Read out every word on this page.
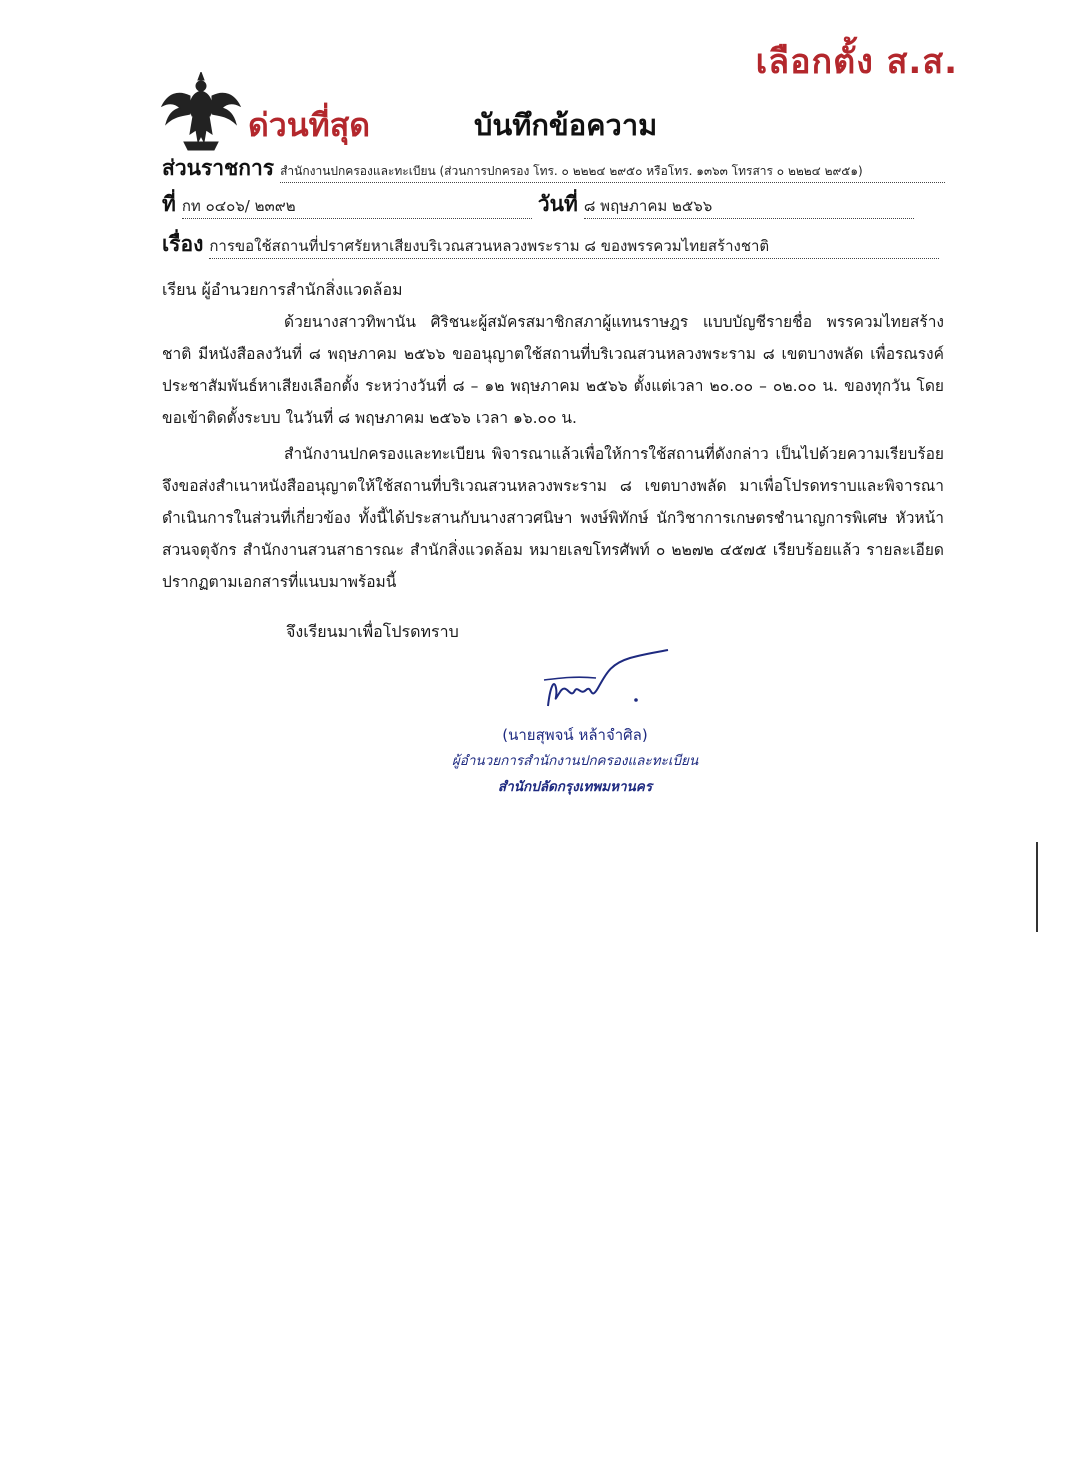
เลือกตั้ง ส.ส.
ด่วนที่สุด	บันทึกข้อความ
ส่วนราชการ สำนักงานปกครองและทะเบียน (ส่วนการปกครอง โทร. ๐ ๒๒๒๔ ๒๙๕๐ หรือโทร. ๑๓๖๓ โทรสาร ๐ ๒๒๒๔ ๒๙๕๑)
ที่ กท ๐๔๐๖/ ๒๓๙๒	วันที่ ๘ พฤษภาคม ๒๕๖๖
เรื่อง การขอใช้สถานที่ปราศรัยหาเสียงบริเวณสวนหลวงพระราม ๘ ของพรรควมไทยสร้างชาติ
เรียน ผู้อำนวยการสำนักสิ่งแวดล้อม

ด้วยนางสาวทิพานัน ศิริชนะผู้สมัครสมาชิกสภาผู้แทนราษฎร แบบบัญชีรายชื่อ พรรควมไทยสร้างชาติ มีหนังสือลงวันที่ ๘ พฤษภาคม ๒๕๖๖ ขออนุญาตใช้สถานที่บริเวณสวนหลวงพระราม ๘ เขตบางพลัด เพื่อรณรงค์ประชาสัมพันธ์หาเสียงเลือกตั้ง ระหว่างวันที่ ๘ – ๑๒ พฤษภาคม ๒๕๖๖ ตั้งแต่เวลา ๒๐.๐๐ – ๐๒.๐๐ น. ของทุกวัน โดยขอเข้าติดตั้งระบบ ในวันที่ ๘ พฤษภาคม ๒๕๖๖ เวลา ๑๖.๐๐ น.

สำนักงานปกครองและทะเบียน พิจารณาแล้วเพื่อให้การใช้สถานที่ดังกล่าว เป็นไปด้วยความเรียบร้อย จึงขอส่งสำเนาหนังสืออนุญาตให้ใช้สถานที่บริเวณสวนหลวงพระราม ๘ เขตบางพลัด มาเพื่อโปรดทราบและพิจารณาดำเนินการในส่วนที่เกี่ยวข้อง ทั้งนี้ได้ประสานกับนางสาวศนิษา พงษ์พิทักษ์ นักวิชาการเกษตรชำนาญการพิเศษ หัวหน้าสวนจตุจักร สำนักงานสวนสาธารณะ สำนักสิ่งแวดล้อม หมายเลขโทรศัพท์ ๐ ๒๒๗๒ ๔๕๗๕ เรียบร้อยแล้ว รายละเอียดปรากฏตามเอกสารที่แนบมาพร้อมนี้

จึงเรียนมาเพื่อโปรดทราบ
(นายสุพจน์ หล้าจำศิล)
ผู้อำนวยการสำนักงานปกครองและทะเบียน
สำนักปลัดกรุงเทพมหานคร
